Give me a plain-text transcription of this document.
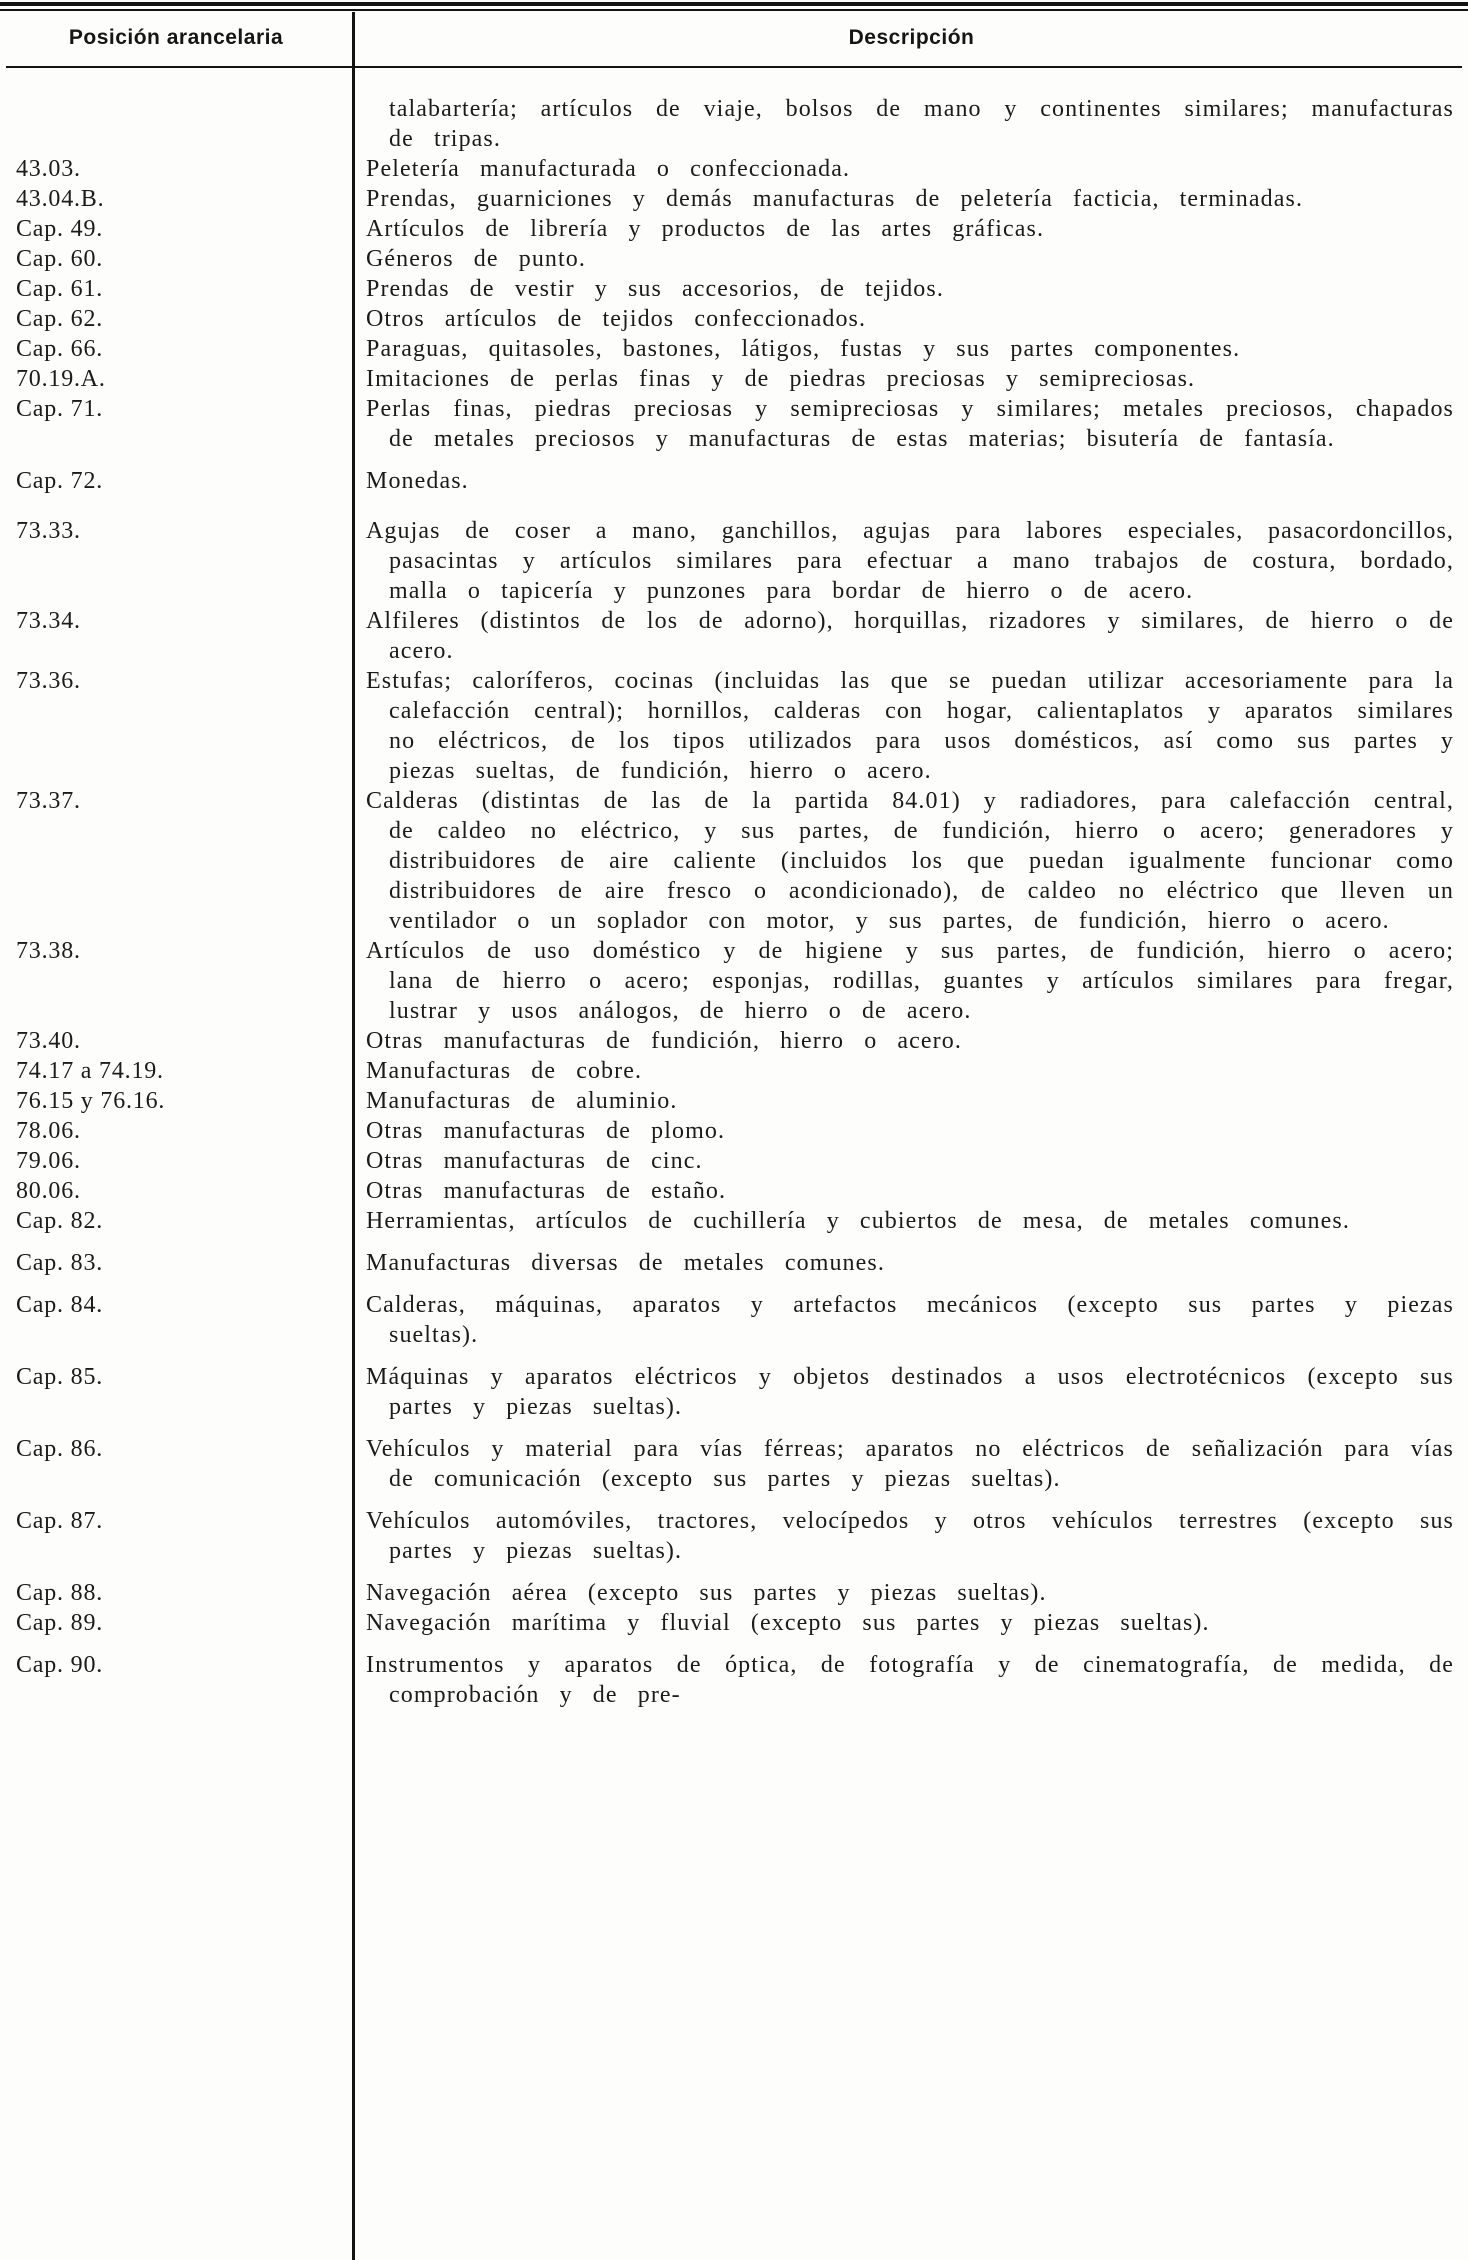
Posición arancelaria	Descripción
talabartería; artículos de viaje, bolsos de mano y continentes similares; manufacturas de tripas.
43.03.	Peletería manufacturada o confeccionada.
43.04.B.	Prendas, guarniciones y demás manufacturas de peletería facticia, terminadas.
Cap. 49.	Artículos de librería y productos de las artes gráficas.
Cap. 60.	Géneros de punto.
Cap. 61.	Prendas de vestir y sus accesorios, de tejidos.
Cap. 62.	Otros artículos de tejidos confeccionados.
Cap. 66.	Paraguas, quitasoles, bastones, látigos, fustas y sus partes componentes.
70.19.A.	Imitaciones de perlas finas y de piedras preciosas y semipreciosas.
Cap. 71.	Perlas finas, piedras preciosas y semipreciosas y similares; metales preciosos, chapados de metales preciosos y manufacturas de estas materias; bisutería de fantasía.
Cap. 72.	Monedas.
73.33.	Agujas de coser a mano, ganchillos, agujas para labores especiales, pasacordoncillos, pasacintas y artículos similares para efectuar a mano trabajos de costura, bordado, malla o tapicería y punzones para bordar de hierro o de acero.
73.34.	Alfileres (distintos de los de adorno), horquillas, rizadores y similares, de hierro o de acero.
73.36.	Estufas; caloríferos, cocinas (incluidas las que se puedan utilizar accesoriamente para la calefacción central); hornillos, calderas con hogar, calientaplatos y aparatos similares no eléctricos, de los tipos utilizados para usos domésticos, así como sus partes y piezas sueltas, de fundición, hierro o acero.
73.37.	Calderas (distintas de las de la partida 84.01) y radiadores, para calefacción central, de caldeo no eléctrico, y sus partes, de fundición, hierro o acero; generadores y distribuidores de aire caliente (incluidos los que puedan igualmente funcionar como distribuidores de aire fresco o acondicionado), de caldeo no eléctrico que lleven un ventilador o un soplador con motor, y sus partes, de fundición, hierro o acero.
73.38.	Artículos de uso doméstico y de higiene y sus partes, de fundición, hierro o acero; lana de hierro o acero; esponjas, rodillas, guantes y artículos similares para fregar, lustrar y usos análogos, de hierro o de acero.
73.40.	Otras manufacturas de fundición, hierro o acero.
74.17 a 74.19.	Manufacturas de cobre.
76.15 y 76.16.	Manufacturas de aluminio.
78.06.	Otras manufacturas de plomo.
79.06.	Otras manufacturas de cinc.
80.06.	Otras manufacturas de estaño.
Cap. 82.	Herramientas, artículos de cuchillería y cubiertos de mesa, de metales comunes.
Cap. 83.	Manufacturas diversas de metales comunes.
Cap. 84.	Calderas, máquinas, aparatos y artefactos mecánicos (excepto sus partes y piezas sueltas).
Cap. 85.	Máquinas y aparatos eléctricos y objetos destinados a usos electrotécnicos (excepto sus partes y piezas sueltas).
Cap. 86.	Vehículos y material para vías férreas; aparatos no eléctricos de señalización para vías de comunicación (excepto sus partes y piezas sueltas).
Cap. 87.	Vehículos automóviles, tractores, velocípedos y otros vehículos terrestres (excepto sus partes y piezas sueltas).
Cap. 88.	Navegación aérea (excepto sus partes y piezas sueltas).
Cap. 89.	Navegación marítima y fluvial (excepto sus partes y piezas sueltas).
Cap. 90.	Instrumentos y aparatos de óptica, de fotografía y de cinematografía, de medida, de comprobación y de pre-
